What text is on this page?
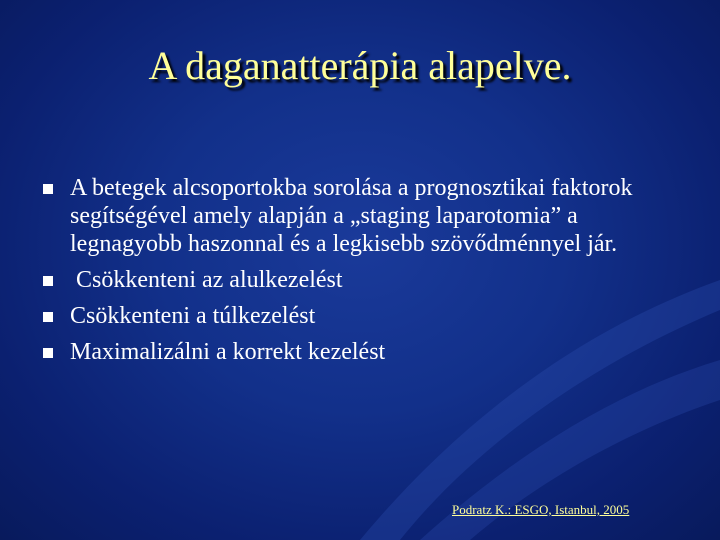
A daganatterápia alapelve.
A betegek alcsoportokba sorolása a prognosztikai faktorok segítségével amely alapján a „staging laparotomia” a legnagyobb haszonnal és a legkisebb szövődménnyel jár.
Csökkenteni az alulkezelést
Csökkenteni a túlkezelést
Maximalizálni a korrekt kezelést
Podratz K.: ESGO, Istanbul, 2005
